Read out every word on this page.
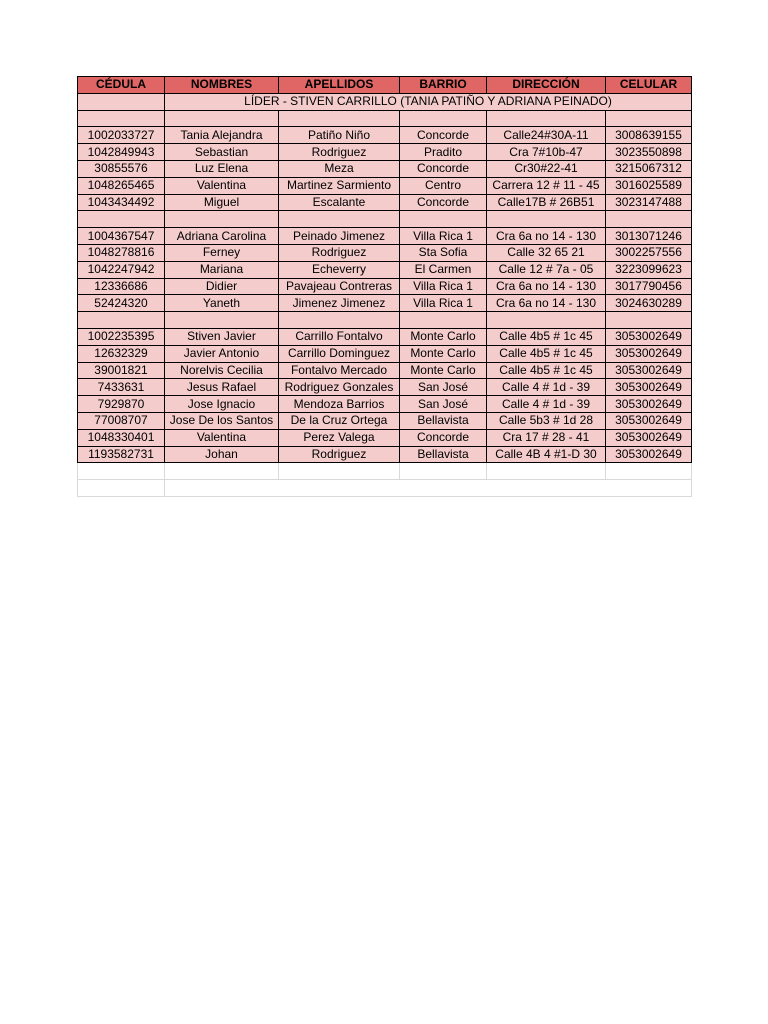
CÉDULA	NOMBRES	APELLIDOS	BARRIO	DIRECCIÓN	CELULAR
	LÍDER - STIVEN CARRILLO (TANIA PATIÑO Y ADRIANA PEINADO)				

1002033727	Tania Alejandra	Patiño Niño	Concorde	Calle24#30A-11	3008639155
1042849943	Sebastian	Rodriguez	Pradito	Cra 7#10b-47	3023550898
30855576	Luz Elena	Meza	Concorde	Cr30#22-41	3215067312
1048265465	Valentina	Martinez Sarmiento	Centro	Carrera 12 # 11 - 45	3016025589
1043434492	Miguel	Escalante	Concorde	Calle17B # 26B51	3023147488

1004367547	Adriana Carolina	Peinado Jimenez	Villa Rica 1	Cra 6a no 14 - 130	3013071246
1048278816	Ferney	Rodriguez	Sta Sofia	Calle 32 65 21	3002257556
1042247942	Mariana	Echeverry	El Carmen	Calle 12 # 7a - 05	3223099623
12336686	Didier	Pavajeau Contreras	Villa Rica 1	Cra 6a no 14 - 130	3017790456
52424320	Yaneth	Jimenez Jimenez	Villa Rica 1	Cra 6a no 14 - 130	3024630289

1002235395	Stiven Javier	Carrillo Fontalvo	Monte Carlo	Calle 4b5 # 1c 45	3053002649
12632329	Javier Antonio	Carrillo Dominguez	Monte Carlo	Calle 4b5 # 1c 45	3053002649
39001821	Norelvis Cecilia	Fontalvo Mercado	Monte Carlo	Calle 4b5 # 1c 45	3053002649
7433631	Jesus Rafael	Rodriguez Gonzales	San José	Calle 4 # 1d - 39	3053002649
7929870	Jose Ignacio	Mendoza Barrios	San José	Calle 4 # 1d - 39	3053002649
77008707	Jose De los Santos	De la Cruz Ortega	Bellavista	Calle 5b3 # 1d 28	3053002649
1048330401	Valentina	Perez Valega	Concorde	Cra 17 # 28 - 41	3053002649
1193582731	Johan	Rodriguez	Bellavista	Calle 4B 4 #1-D 30	3053002649
